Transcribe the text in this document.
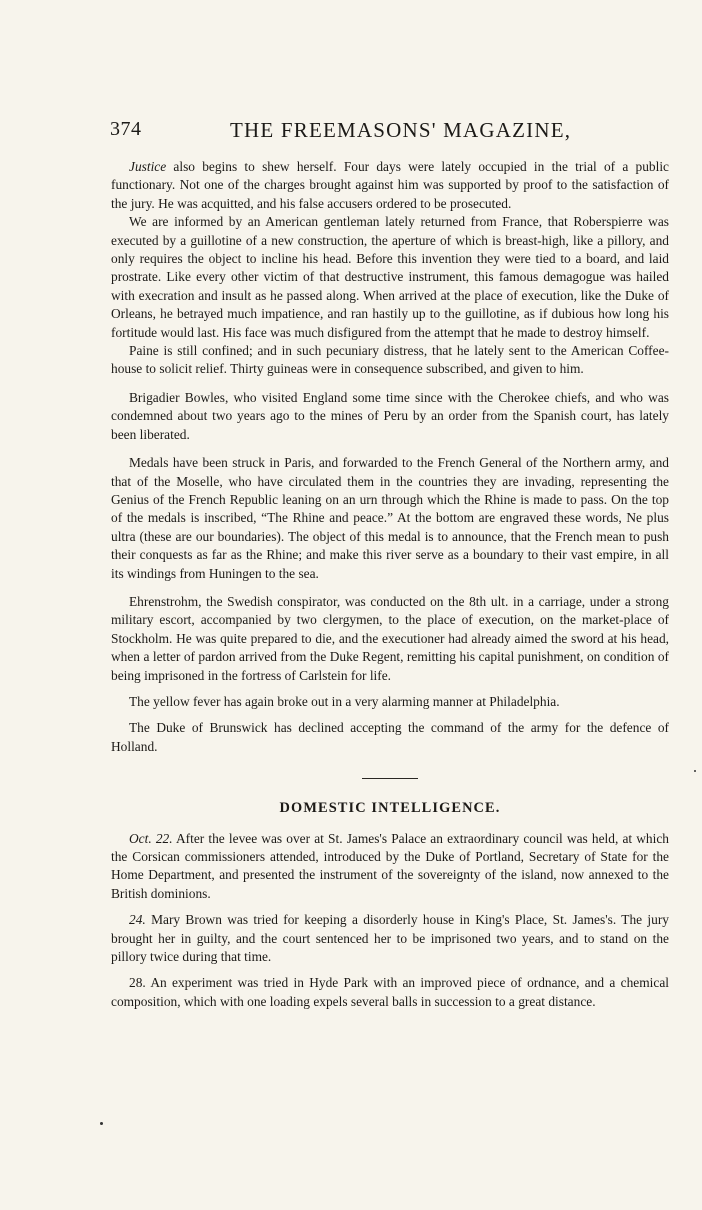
374	THE FREEMASONS' MAGAZINE,

Justice also begins to shew herself. Four days were lately occupied in the trial of a public functionary. Not one of the charges brought against him was supported by proof to the satisfaction of the jury. He was acquitted, and his false accusers ordered to be prosecuted.

We are informed by an American gentleman lately returned from France, that Roberspierre was executed by a guillotine of a new construction, the aperture of which is breast-high, like a pillory, and only requires the object to incline his head. Before this invention they were tied to a board, and laid prostrate. Like every other victim of that destructive instrument, this famous demagogue was hailed with execration and insult as he passed along. When arrived at the place of execution, like the Duke of Orleans, he betrayed much impatience, and ran hastily up to the guillotine, as if dubious how long his fortitude would last. His face was much disfigured from the attempt that he made to destroy himself.

Paine is still confined; and in such pecuniary distress, that he lately sent to the American Coffee-house to solicit relief. Thirty guineas were in consequence subscribed, and given to him.

Brigadier Bowles, who visited England some time since with the Cherokee chiefs, and who was condemned about two years ago to the mines of Peru by an order from the Spanish court, has lately been liberated.

Medals have been struck in Paris, and forwarded to the French General of the Northern army, and that of the Moselle, who have circulated them in the countries they are invading, representing the Genius of the French Republic leaning on an urn through which the Rhine is made to pass. On the top of the medals is inscribed, “The Rhine and peace.” At the bottom are engraved these words, Ne plus ultra (these are our boundaries). The object of this medal is to announce, that the French mean to push their conquests as far as the Rhine; and make this river serve as a boundary to their vast empire, in all its windings from Huningen to the sea.

Ehrenstrohm, the Swedish conspirator, was conducted on the 8th ult. in a carriage, under a strong military escort, accompanied by two clergymen, to the place of execution, on the market-place of Stockholm. He was quite prepared to die, and the executioner had already aimed the sword at his head, when a letter of pardon arrived from the Duke Regent, remitting his capital punishment, on condition of being imprisoned in the fortress of Carlstein for life.

The yellow fever has again broke out in a very alarming manner at Philadelphia.

The Duke of Brunswick has declined accepting the command of the army for the defence of Holland.

DOMESTIC INTELLIGENCE.

Oct. 22. After the levee was over at St. James's Palace an extraordinary council was held, at which the Corsican commissioners attended, introduced by the Duke of Portland, Secretary of State for the Home Department, and presented the instrument of the sovereignty of the island, now annexed to the British dominions.

24. Mary Brown was tried for keeping a disorderly house in King's Place, St. James's. The jury brought her in guilty, and the court sentenced her to be imprisoned two years, and to stand on the pillory twice during that time.

28. An experiment was tried in Hyde Park with an improved piece of ordnance, and a chemical composition, which with one loading expels several balls in succession to a great distance.
